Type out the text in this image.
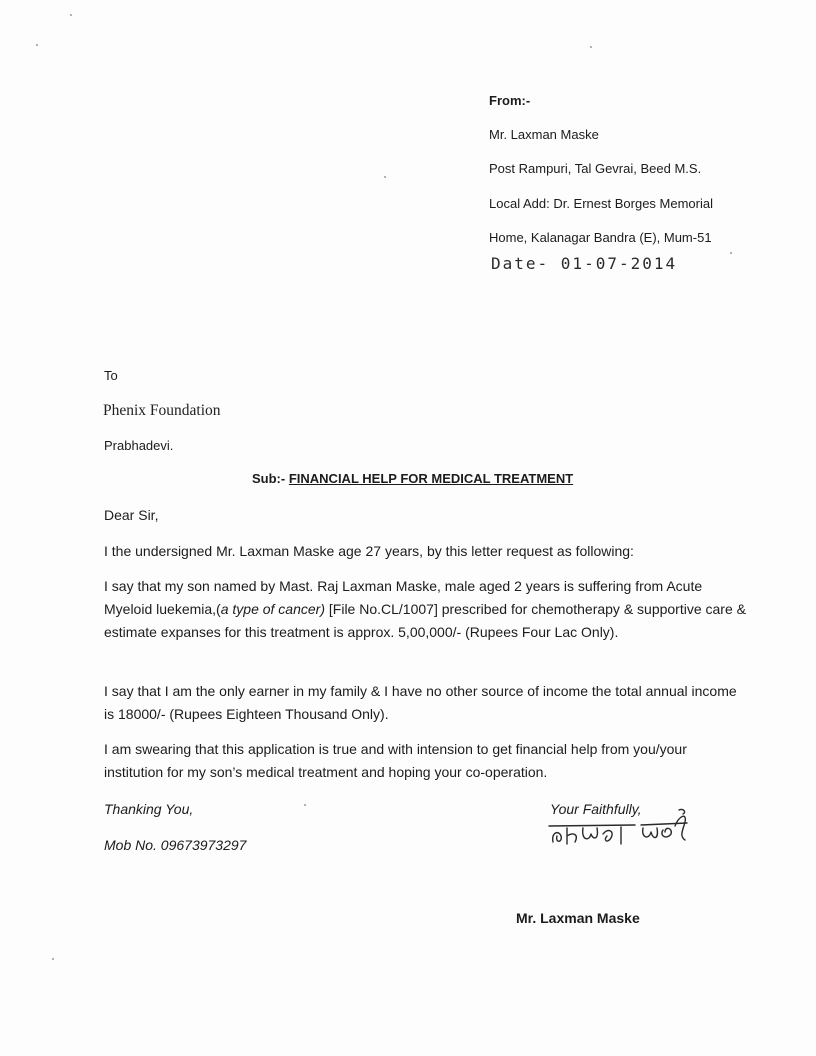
From:-
Mr. Laxman Maske
Post Rampuri, Tal Gevrai, Beed M.S.
Local Add: Dr. Ernest Borges Memorial
Home, Kalanagar Bandra (E), Mum-51
Date- 01-07-2014
To
Phenix Foundation
Prabhadevi.
Sub:- FINANCIAL HELP FOR MEDICAL TREATMENT
Dear Sir,
I the undersigned Mr. Laxman Maske age 27 years, by this letter request as following:
I say that my son named by Mast. Raj Laxman Maske, male aged 2 years is suffering from Acute Myeloid luekemia,(a type of cancer) [File No.CL/1007] prescribed for chemotherapy & supportive care & estimate expanses for this treatment is approx. 5,00,000/- (Rupees Four Lac Only).
I say that I am the only earner in my family & I have no other source of income the total annual income is 18000/- (Rupees Eighteen Thousand Only).
I am swearing that this application is true and with intension to get financial help from you/your institution for my son’s medical treatment and hoping your co-operation.
Thanking You,	Your Faithfully,
Mob No. 09673973297
Mr. Laxman Maske
